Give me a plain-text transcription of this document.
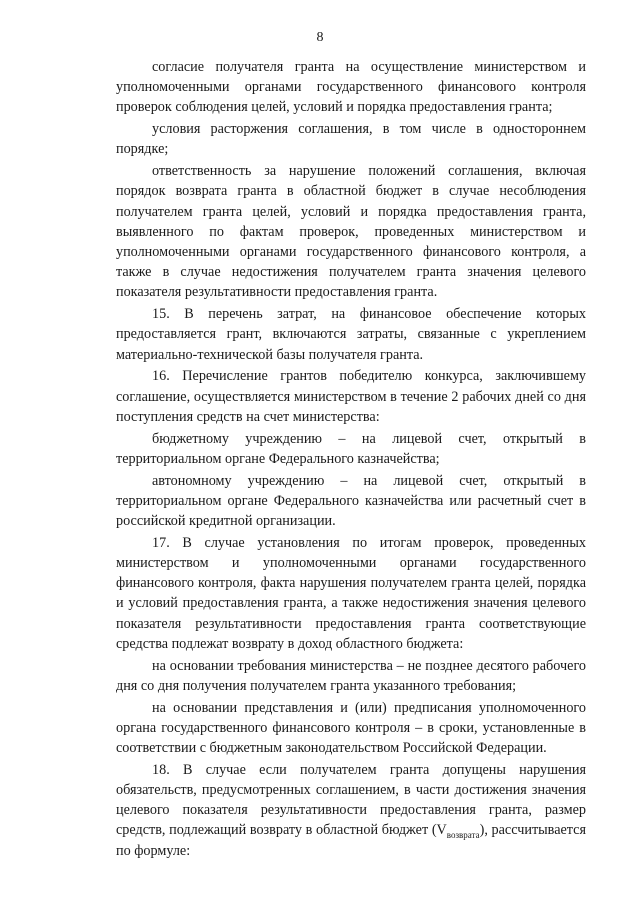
8

согласие получателя гранта на осуществление министерством и уполномоченными органами государственного финансового контроля проверок соблюдения целей, условий и порядка предоставления гранта;

условия расторжения соглашения, в том числе в одностороннем порядке;

ответственность за нарушение положений соглашения, включая порядок возврата гранта в областной бюджет в случае несоблюдения получателем гранта целей, условий и порядка предоставления гранта, выявленного по фактам проверок, проведенных министерством и уполномоченными органами государственного финансового контроля, а также в случае недостижения получателем гранта значения целевого показателя результативности предоставления гранта.

15. В перечень затрат, на финансовое обеспечение которых предоставляется грант, включаются затраты, связанные с укреплением материально-технической базы получателя гранта.

16. Перечисление грантов победителю конкурса, заключившему соглашение, осуществляется министерством в течение 2 рабочих дней со дня поступления средств на счет министерства:

бюджетному учреждению – на лицевой счет, открытый в территориальном органе Федерального казначейства;

автономному учреждению – на лицевой счет, открытый в территориальном органе Федерального казначейства или расчетный счет в российской кредитной организации.

17. В случае установления по итогам проверок, проведенных министерством и уполномоченными органами государственного финансового контроля, факта нарушения получателем гранта целей, порядка и условий предоставления гранта, а также недостижения значения целевого показателя результативности предоставления гранта соответствующие средства подлежат возврату в доход областного бюджета:

на основании требования министерства – не позднее десятого рабочего дня со дня получения получателем гранта указанного требования;

на основании представления и (или) предписания уполномоченного органа государственного финансового контроля – в сроки, установленные в соответствии с бюджетным законодательством Российской Федерации.

18. В случае если получателем гранта допущены нарушения обязательств, предусмотренных соглашением, в части достижения значения целевого показателя результативности предоставления гранта, размер средств, подлежащий возврату в областной бюджет $(V_{возврата})$, рассчитывается по формуле:
